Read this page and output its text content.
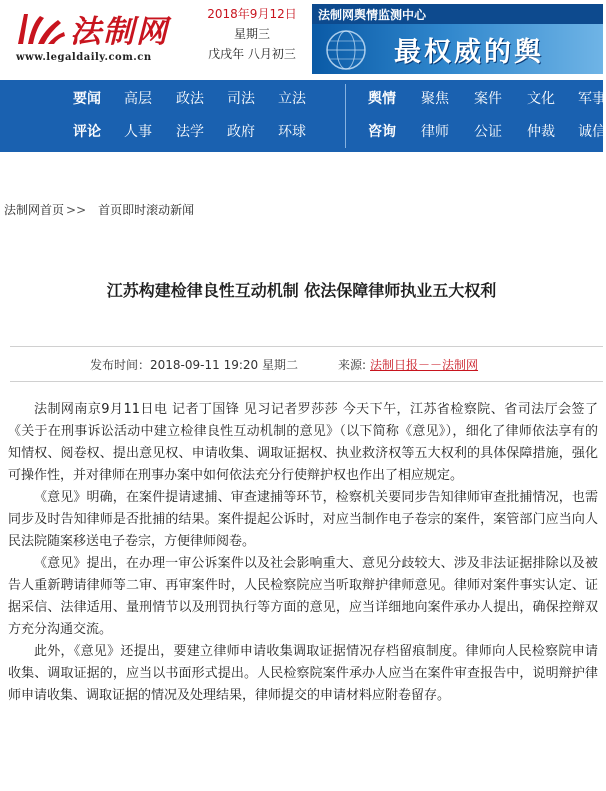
法制网
www.legaldaily.com.cn
2018年9月12日
星期三
戊戌年 八月初三
法制网舆情监测中心
最权威的舆
要闻 高层 政法 司法 立法	舆情 聚焦 案件 文化 军事
评论 人事 法学 政府 环球	咨询 律师 公证 仲裁 诚信
法制网首页 >> 首页即时滚动新闻
江苏构建检律良性互动机制 依法保障律师执业五大权利
发布时间：2018-09-11 19:20 星期二	来源: 法制日报－－法制网

法制网南京9月11日电 记者丁国锋 见习记者罗莎莎 今天下午，江苏省检察院、省司法厅会签了《关于在刑事诉讼活动中建立检律良性互动机制的意见》（以下简称《意见》），细化了律师依法享有的知情权、阅卷权、提出意见权、申请收集、调取证据权、执业救济权等五大权利的具体保障措施，强化可操作性，并对律师在刑事办案中如何依法充分行使辩护权也作出了相应规定。

《意见》明确，在案件提请逮捕、审查逮捕等环节，检察机关要同步告知律师审查批捕情况，也需同步及时告知律师是否批捕的结果。案件提起公诉时，对应当制作电子卷宗的案件，案管部门应当向人民法院随案移送电子卷宗，方便律师阅卷。

《意见》提出，在办理一审公诉案件以及社会影响重大、意见分歧较大、涉及非法证据排除以及被告人重新聘请律师等二审、再审案件时，人民检察院应当听取辩护律师意见。律师对案件事实认定、证据采信、法律适用、量刑情节以及刑罚执行等方面的意见，应当详细地向案件承办人提出，确保控辩双方充分沟通交流。

此外，《意见》还提出，要建立律师申请收集调取证据情况存档留痕制度。律师向人民检察院申请收集、调取证据的，应当以书面形式提出。人民检察院案件承办人应当在案件审查报告中，说明辩护律师申请收集、调取证据的情况及处理结果，律师提交的申请材料应附卷留存。
